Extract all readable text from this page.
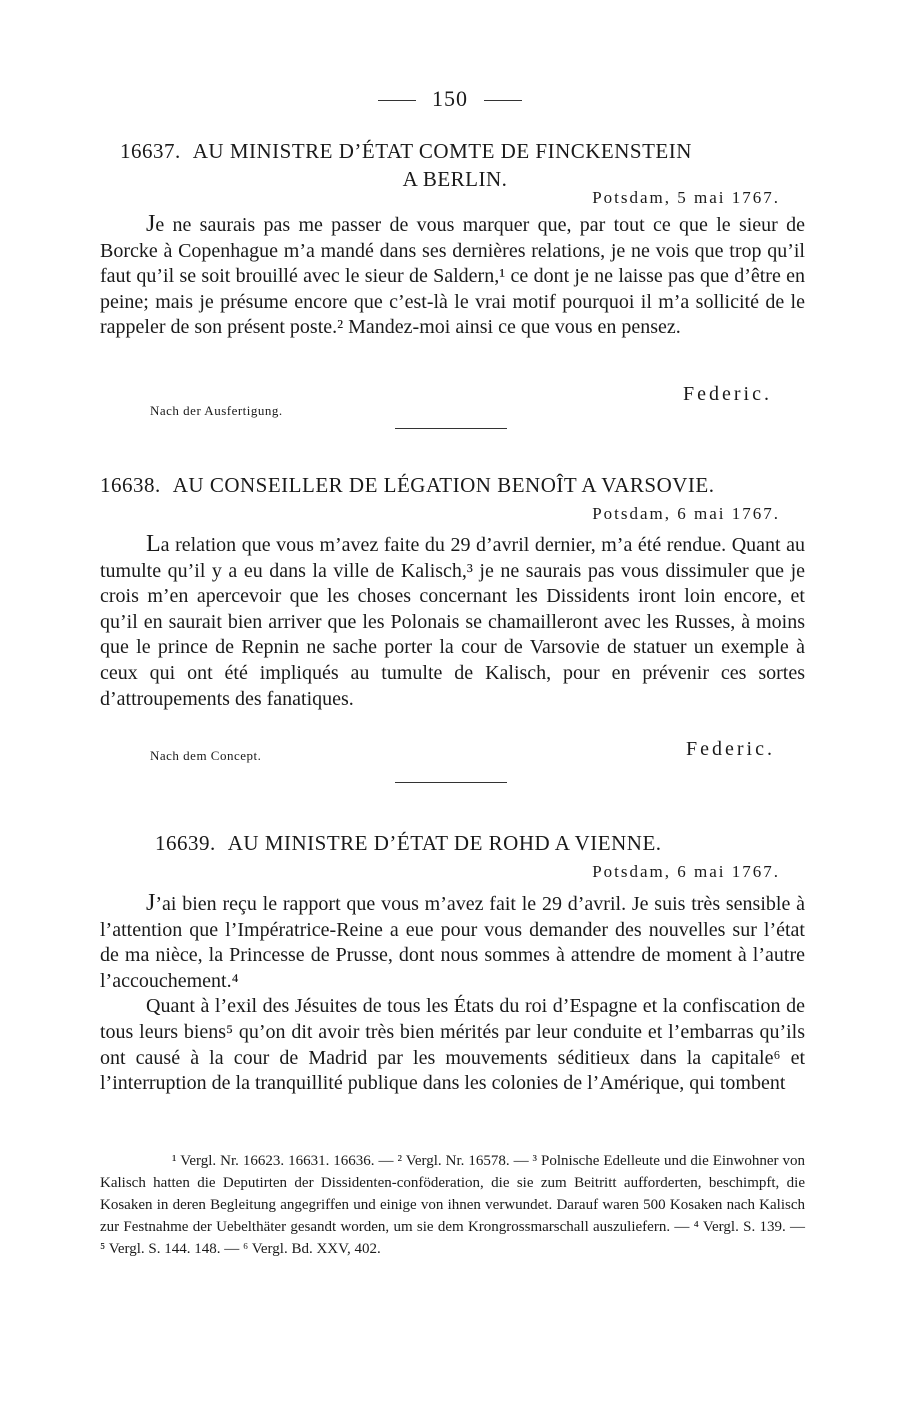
150
16637. AU MINISTRE D’ÉTAT COMTE DE FINCKENSTEIN
A BERLIN.
Potsdam, 5 mai 1767.

Je ne saurais pas me passer de vous marquer que, par tout ce que le sieur de Borcke à Copenhague m’a mandé dans ses dernières relations, je ne vois que trop qu’il faut qu’il se soit brouillé avec le sieur de Saldern,¹ ce dont je ne laisse pas que d’être en peine; mais je présume encore que c’est-là le vrai motif pourquoi il m’a sollicité de le rappeler de son présent poste.² Mandez-moi ainsi ce que vous en pensez.

Federic.
Nach der Ausfertigung.
16638. AU CONSEILLER DE LÉGATION BENOÎT A VARSOVIE.
Potsdam, 6 mai 1767.

La relation que vous m’avez faite du 29 d’avril dernier, m’a été rendue. Quant au tumulte qu’il y a eu dans la ville de Kalisch,³ je ne saurais pas vous dissimuler que je crois m’en apercevoir que les choses concernant les Dissidents iront loin encore, et qu’il en saurait bien arriver que les Polonais se chamailleront avec les Russes, à moins que le prince de Repnin ne sache porter la cour de Varsovie de statuer un exemple à ceux qui ont été impliqués au tumulte de Kalisch, pour en prévenir ces sortes d’attroupements des fanatiques.

Federic.
Nach dem Concept.
16639. AU MINISTRE D’ÉTAT DE ROHD A VIENNE.
Potsdam, 6 mai 1767.

J’ai bien reçu le rapport que vous m’avez fait le 29 d’avril. Je suis très sensible à l’attention que l’Impératrice-Reine a eue pour vous demander des nouvelles sur l’état de ma nièce, la Princesse de Prusse, dont nous sommes à attendre de moment à l’autre l’accouchement.⁴

Quant à l’exil des Jésuites de tous les États du roi d’Espagne et la confiscation de tous leurs biens⁵ qu’on dit avoir très bien mérités par leur conduite et l’embarras qu’ils ont causé à la cour de Madrid par les mouvements séditieux dans la capitale⁶ et l’interruption de la tranquillité publique dans les colonies de l’Amérique, qui tombent

¹ Vergl. Nr. 16623. 16631. 16636. — ² Vergl. Nr. 16578. — ³ Polnische Edelleute und die Einwohner von Kalisch hatten die Deputirten der Dissidenten-conföderation, die sie zum Beitritt aufforderten, beschimpft, die Kosaken in deren Begleitung angegriffen und einige von ihnen verwundet. Darauf waren 500 Kosaken nach Kalisch zur Festnahme der Uebelthäter gesandt worden, um sie dem Krongrossmarschall auszuliefern. — ⁴ Vergl. S. 139. — ⁵ Vergl. S. 144. 148. — ⁶ Vergl. Bd. XXV, 402.
